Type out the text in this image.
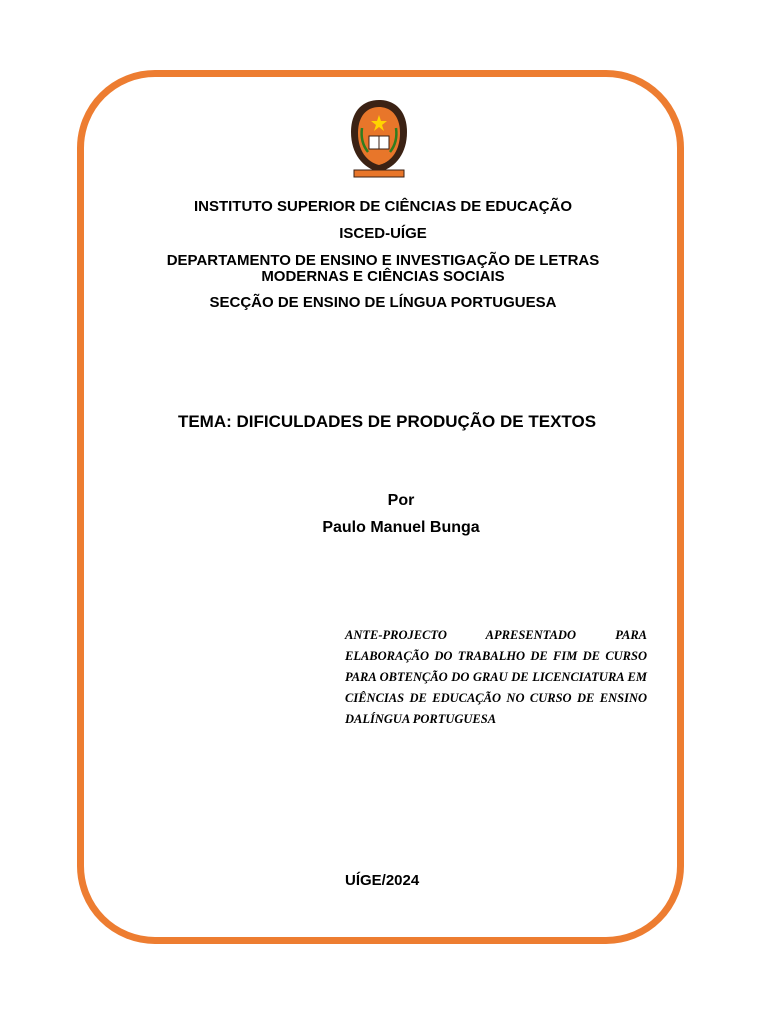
INSTITUTO SUPERIOR DE CIÊNCIAS DE EDUCAÇÃO
ISCED-UÍGE
DEPARTAMENTO DE ENSINO E INVESTIGAÇÃO DE LETRAS
MODERNAS E CIÊNCIAS SOCIAIS
SECÇÃO DE ENSINO DE LÍNGUA PORTUGUESA
TEMA: DIFICULDADES DE PRODUÇÃO DE TEXTOS
Por
Paulo Manuel Bunga
ANTE-PROJECTO APRESENTADO PARA ELABORAÇÃO DO TRABALHO DE FIM DE CURSO PARA OBTENÇÃO DO GRAU DE LICENCIATURA EM CIÊNCIAS DE EDUCAÇÃO NO CURSO DE ENSINO DALÍNGUA PORTUGUESA
UÍGE/2024
